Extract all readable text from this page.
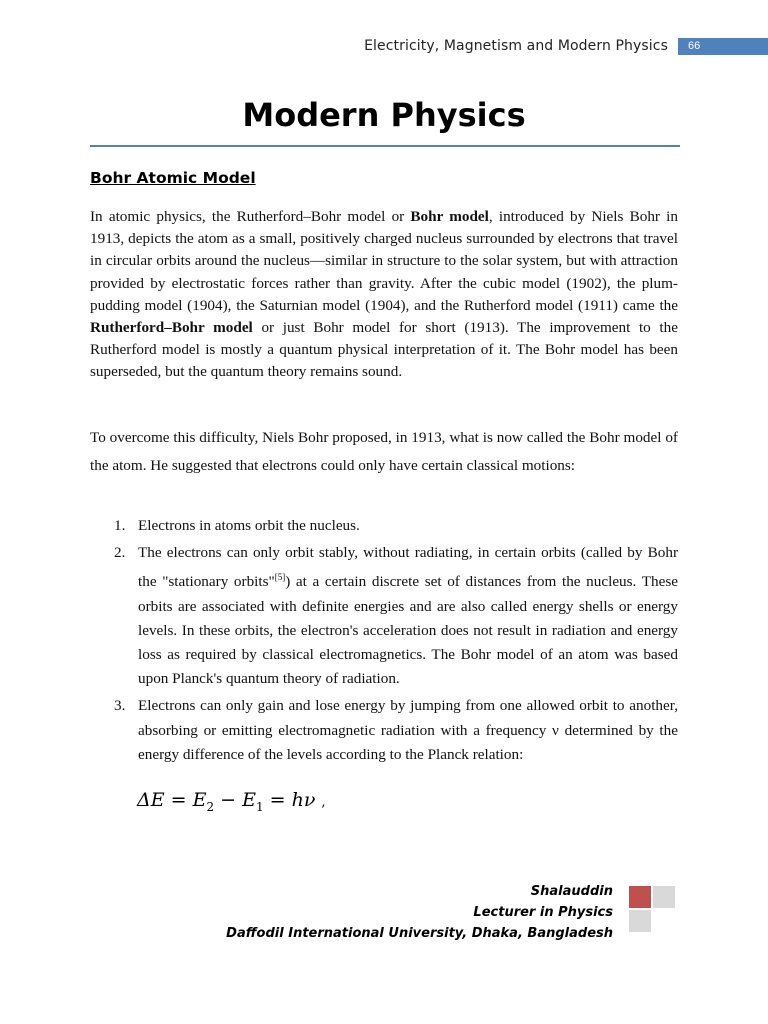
Electricity, Magnetism and Modern Physics	66
Modern Physics
Bohr Atomic Model

In atomic physics, the Rutherford–Bohr model or Bohr model, introduced by Niels Bohr in 1913, depicts the atom as a small, positively charged nucleus surrounded by electrons that travel in circular orbits around the nucleus—similar in structure to the solar system, but with attraction provided by electrostatic forces rather than gravity. After the cubic model (1902), the plum-pudding model (1904), the Saturnian model (1904), and the Rutherford model (1911) came the Rutherford–Bohr model or just Bohr model for short (1913). The improvement to the Rutherford model is mostly a quantum physical interpretation of it. The Bohr model has been superseded, but the quantum theory remains sound.

To overcome this difficulty, Niels Bohr proposed, in 1913, what is now called the Bohr model of the atom. He suggested that electrons could only have certain classical motions:

1. Electrons in atoms orbit the nucleus.
2. The electrons can only orbit stably, without radiating, in certain orbits (called by Bohr the "stationary orbits"[5]) at a certain discrete set of distances from the nucleus. These orbits are associated with definite energies and are also called energy shells or energy levels. In these orbits, the electron's acceleration does not result in radiation and energy loss as required by classical electromagnetics. The Bohr model of an atom was based upon Planck's quantum theory of radiation.
3. Electrons can only gain and lose energy by jumping from one allowed orbit to another, absorbing or emitting electromagnetic radiation with a frequency ν determined by the energy difference of the levels according to the Planck relation:
$\Delta E = E_2 - E_1 = h\nu$ ,
Shalauddin
Lecturer in Physics
Daffodil International University, Dhaka, Bangladesh
